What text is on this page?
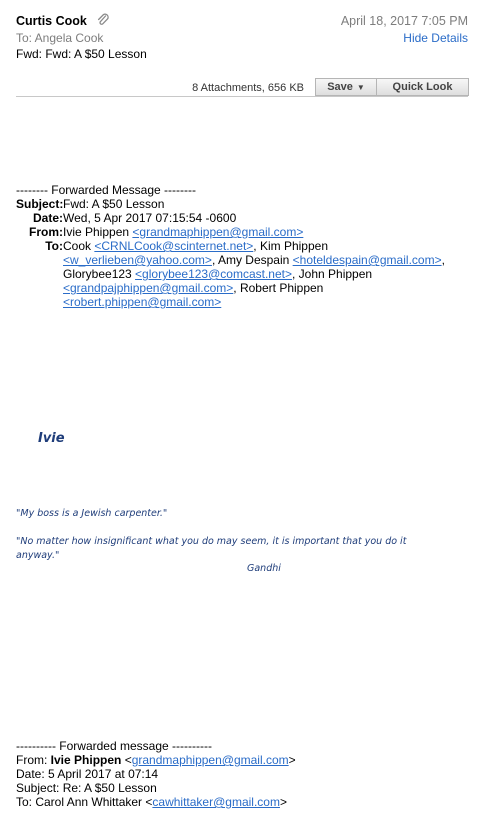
Curtis Cook	April 18, 2017 7:05 PM
To: Angela Cook	Hide Details
Fwd: Fwd: A $50 Lesson
8 Attachments, 656 KB	Save ▼	Quick Look
-------- Forwarded Message --------
Subject: Fwd: A $50 Lesson
Date: Wed, 5 Apr 2017 07:15:54 -0600
From: Ivie Phippen <grandmaphippen@gmail.com>
To: Cook <CRNLCook@scinternet.net>, Kim Phippen
<w_verlieben@yahoo.com>, Amy Despain <hoteldespain@gmail.com>,
Glorybee123 <glorybee123@comcast.net>, John Phippen
<grandpajphippen@gmail.com>, Robert Phippen
<robert.phippen@gmail.com>
Ivie
"My boss is a Jewish carpenter."
"No matter how insignificant what you do may seem, it is important that you do it anyway."
Gandhi
---------- Forwarded message ----------
From: Ivie Phippen <grandmaphippen@gmail.com>
Date: 5 April 2017 at 07:14
Subject: Re: A $50 Lesson
To: Carol Ann Whittaker <cawhittaker@gmail.com>
